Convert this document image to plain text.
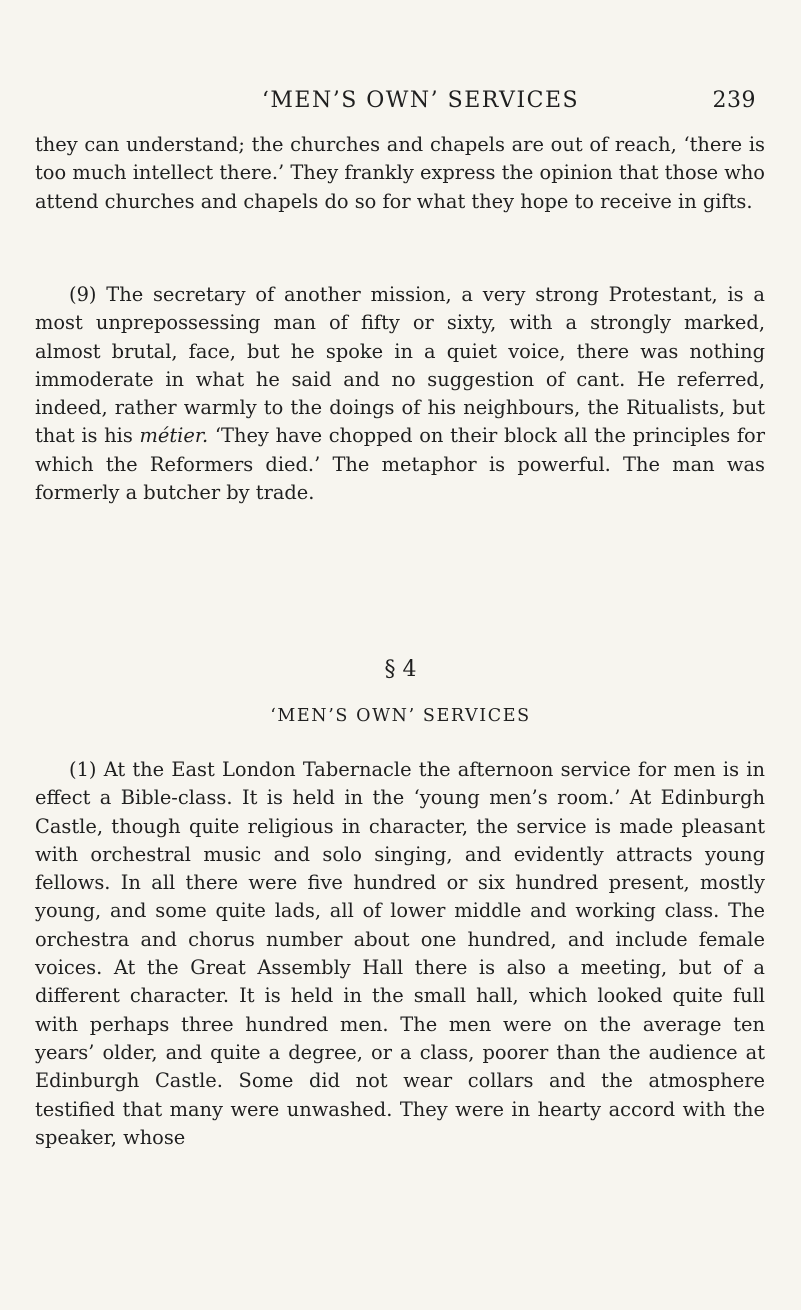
‘MEN’S OWN’ SERVICES	239

they can understand; the churches and chapels are out of reach, ‘there is too much intellect there.’ They frankly express the opinion that those who attend churches and chapels do so for what they hope to receive in gifts.

(9) The secretary of another mission, a very strong Protestant, is a most unprepossessing man of fifty or sixty, with a strongly marked, almost brutal, face, but he spoke in a quiet voice, there was nothing immoderate in what he said and no suggestion of cant. He referred, indeed, rather warmly to the doings of his neighbours, the Ritualists, but that is his métier. ‘They have chopped on their block all the principles for which the Reformers died.’ The metaphor is powerful. The man was formerly a butcher by trade.

§ 4
‘MEN’S OWN’ SERVICES

(1) At the East London Tabernacle the afternoon service for men is in effect a Bible-class. It is held in the ‘young men’s room.’ At Edinburgh Castle, though quite religious in character, the service is made pleasant with orchestral music and solo singing, and evidently attracts young fellows. In all there were five hundred or six hundred present, mostly young, and some quite lads, all of lower middle and working class. The orchestra and chorus number about one hundred, and include female voices. At the Great Assembly Hall there is also a meeting, but of a different character. It is held in the small hall, which looked quite full with perhaps three hundred men. The men were on the average ten years’ older, and quite a degree, or a class, poorer than the audience at Edinburgh Castle. Some did not wear collars and the atmosphere testified that many were unwashed. They were in hearty accord with the speaker, whose
